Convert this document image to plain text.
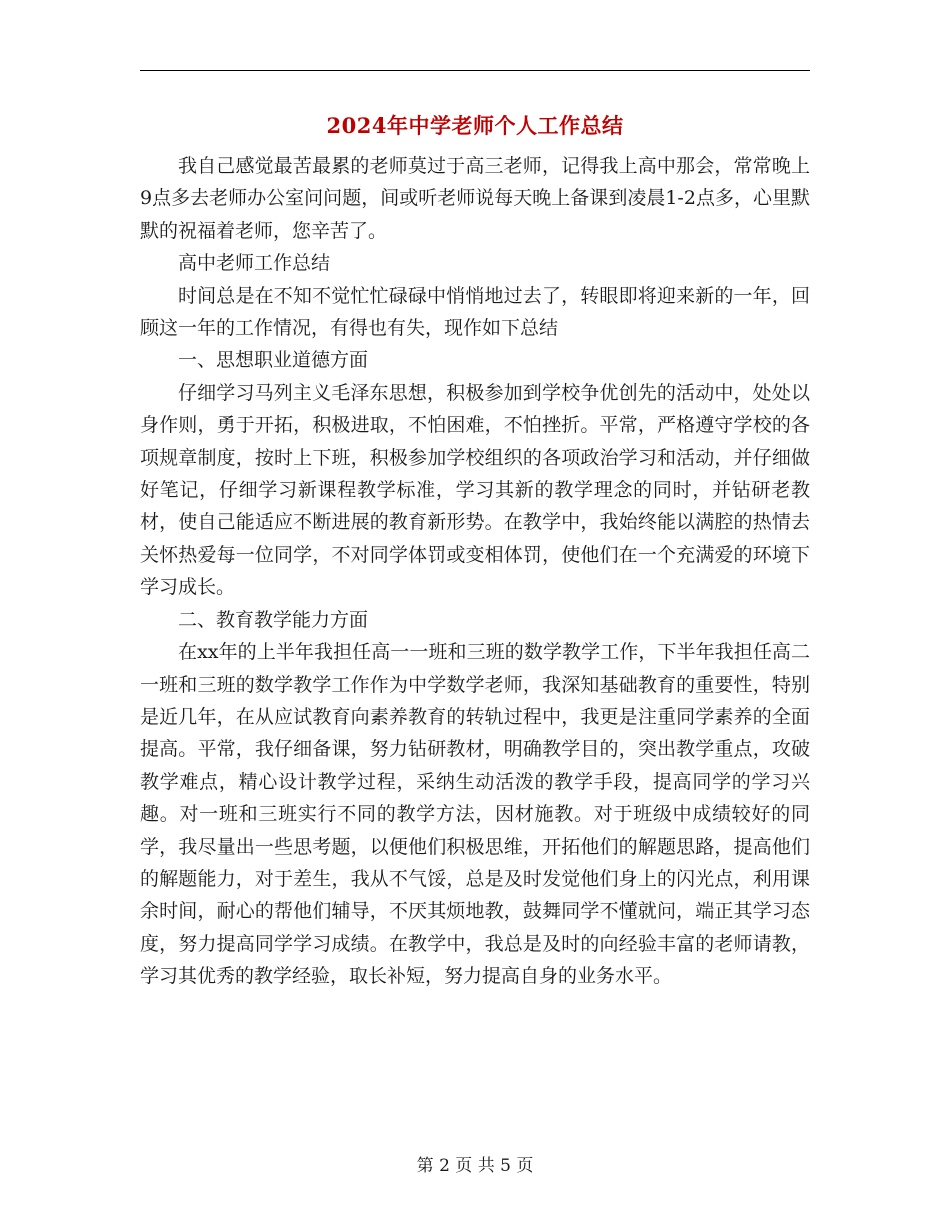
2024年中学老师个人工作总结

我自己感觉最苦最累的老师莫过于高三老师，记得我上高中那会，常常晚上9点多去老师办公室问问题，间或听老师说每天晚上备课到凌晨1-2点多，心里默默的祝福着老师，您辛苦了。

高中老师工作总结

时间总是在不知不觉忙忙碌碌中悄悄地过去了，转眼即将迎来新的一年，回顾这一年的工作情况，有得也有失，现作如下总结

一、思想职业道德方面

仔细学习马列主义毛泽东思想，积极参加到学校争优创先的活动中，处处以身作则，勇于开拓，积极进取，不怕困难，不怕挫折。平常，严格遵守学校的各项规章制度，按时上下班，积极参加学校组织的各项政治学习和活动，并仔细做好笔记，仔细学习新课程教学标准，学习其新的教学理念的同时，并钻研老教材，使自己能适应不断进展的教育新形势。在教学中，我始终能以满腔的热情去关怀热爱每一位同学，不对同学体罚或变相体罚，使他们在一个充满爱的环境下学习成长。

二、教育教学能力方面

在xx年的上半年我担任高一一班和三班的数学教学工作，下半年我担任高二一班和三班的数学教学工作作为中学数学老师，我深知基础教育的重要性，特别是近几年，在从应试教育向素养教育的转轨过程中，我更是注重同学素养的全面提高。平常，我仔细备课，努力钻研教材，明确教学目的，突出教学重点，攻破教学难点，精心设计教学过程，采纳生动活泼的教学手段，提高同学的学习兴趣。对一班和三班实行不同的教学方法，因材施教。对于班级中成绩较好的同学，我尽量出一些思考题，以便他们积极思维，开拓他们的解题思路，提高他们的解题能力，对于差生，我从不气馁，总是及时发觉他们身上的闪光点，利用课余时间，耐心的帮他们辅导，不厌其烦地教，鼓舞同学不懂就问，端正其学习态度，努力提高同学学习成绩。在教学中，我总是及时的向经验丰富的老师请教，学习其优秀的教学经验，取长补短，努力提高自身的业务水平。

第 2 页 共 5 页
